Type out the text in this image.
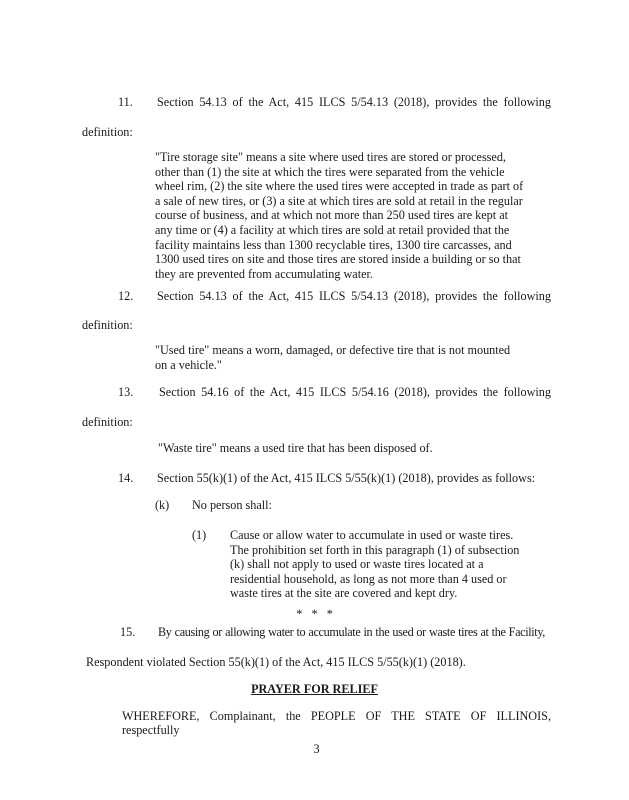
11. Section 54.13 of the Act, 415 ILCS 5/54.13 (2018), provides the following
definition:
"Tire storage site" means a site where used tires are stored or processed,
other than (1) the site at which the tires were separated from the vehicle
wheel rim, (2) the site where the used tires were accepted in trade as part of
a sale of new tires, or (3) a site at which tires are sold at retail in the regular
course of business, and at which not more than 250 used tires are kept at
any time or (4) a facility at which tires are sold at retail provided that the
facility maintains less than 1300 recyclable tires, 1300 tire carcasses, and
1300 used tires on site and those tires are stored inside a building or so that
they are prevented from accumulating water.
12. Section 54.13 of the Act, 415 ILCS 5/54.13 (2018), provides the following
definition:
"Used tire" means a worn, damaged, or defective tire that is not mounted
on a vehicle."
13. Section 54.16 of the Act, 415 ILCS 5/54.16 (2018), provides the following
definition:
"Waste tire" means a used tire that has been disposed of.
14. Section 55(k)(1) of the Act, 415 ILCS 5/55(k)(1) (2018), provides as follows:
(k) No person shall:
(1) Cause or allow water to accumulate in used or waste tires.
The prohibition set forth in this paragraph (1) of subsection
(k) shall not apply to used or waste tires located at a
residential household, as long as not more than 4 used or
waste tires at the site are covered and kept dry.
*   *   *
15. By causing or allowing water to accumulate in the used or waste tires at the Facility,
Respondent violated Section 55(k)(1) of the Act, 415 ILCS 5/55(k)(1) (2018).
PRAYER FOR RELIEF
WHEREFORE, Complainant, the PEOPLE OF THE STATE OF ILLINOIS, respectfully
3
